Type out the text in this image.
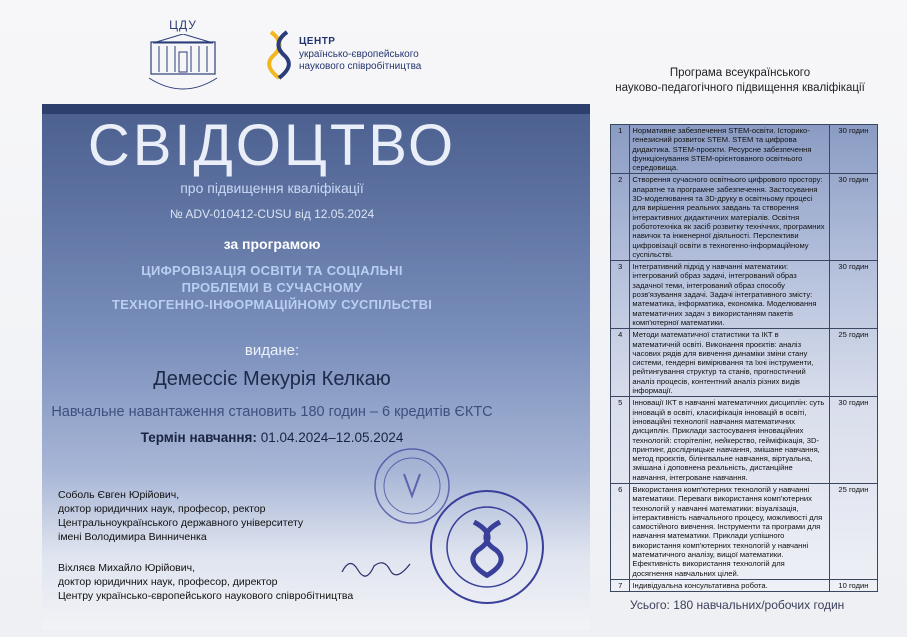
ЦДУ
ЦЕНТР
українсько-європейського
наукового співробітництва
Програма всеукраїнського
науково-педагогічного підвищення кваліфікації
СВІДОЦТВО
про підвищення кваліфікації
№ ADV-010412-CUSU від 12.05.2024
за програмою
ЦИФРОВІЗАЦІЯ ОСВІТИ ТА СОЦІАЛЬНІ
ПРОБЛЕМИ В СУЧАСНОМУ
ТЕХНОГЕННО-ІНФОРМАЦІЙНОМУ СУСПІЛЬСТВІ
видане:
Демессіє Мекурія Келкаю
Навчальне навантаження становить 180 годин – 6 кредитів ЄКТС
Термін навчання: 01.04.2024–12.05.2024
Соболь Євген Юрійович,
доктор юридичних наук, професор, ректор
Центральноукраїнського державного університету
імені Володимира Винниченка
Віхляєв Михайло Юрійович,
доктор юридичних наук, професор, директор
Центру українсько-європейського наукового співробітництва
1	Нормативне забезпечення STEM-освіти. Історико-генезисний розвиток STEM. STEM та цифрова дидактика. STEM-проєкти. Ресурсне забезпечення функціонування STEM-орієнтованого освітнього середовища.	30 годин
2	Створення сучасного освітнього цифрового простору: апаратне та програмне забезпечення. Застосування 3D-моделювання та 3D-друку в освітньому процесі для вирішення реальних завдань та створення інтерактивних дидактичних матеріалів. Освітня робототехніка як засіб розвитку технічних, програмних навичок та інженерної діяльності. Перспективи цифровізації освіти в техногенно-інформаційному суспільстві.	30 годин
3	Інтегративний підхід у навчанні математики: інтегрований образ задачі, інтегрований образ задачної теми, інтегрований образ способу розв'язування задачі. Задачі інтегративного змісту: математика, інформатика, економіка. Моделювання математичних задач з використанням пакетів комп'ютерної математики.	30 годин
4	Методи математичної статистики та ІКТ в математичній освіті. Виконання проєктів: аналіз часових рядів для вивчення динаміки зміни стану системи, гендерні вимірювання та їхні інструменти, рейтингування структур та станів, прогностичний аналіз процесів, контентний аналіз різних видів інформації.	25 годин
5	Інновації ІКТ в навчанні математичних дисциплін: суть інновацій в освіті, класифікація інновацій в освіті, інноваційні технології навчання математичних дисциплін. Приклади застосування інноваційних технологій: сторітелінг, нейкерство, гейміфікація, 3D-принтинг, дослідницьке навчання, змішане навчання, метод проєктів, білінгвальне навчання, віртуальна, змішана і доповнена реальність, дистанційне навчання, інтегроване навчання.	30 годин
6	Використання комп'ютерних технологій у навчанні математики. Переваги використання комп'ютерних технологій у навчанні математики: візуалізація, інтерактивність навчального процесу, можливості для самостійного вивчення. Інструменти та програми для навчання математики. Приклади успішного використання комп'ютерних технологій у навчанні математичного аналізу, вищої математики. Ефективність використання технологій для досягнення навчальних цілей.	25 годин
7	Індивідуальна консультативна робота.	10 годин
Усього: 180 навчальних/робочих годин
